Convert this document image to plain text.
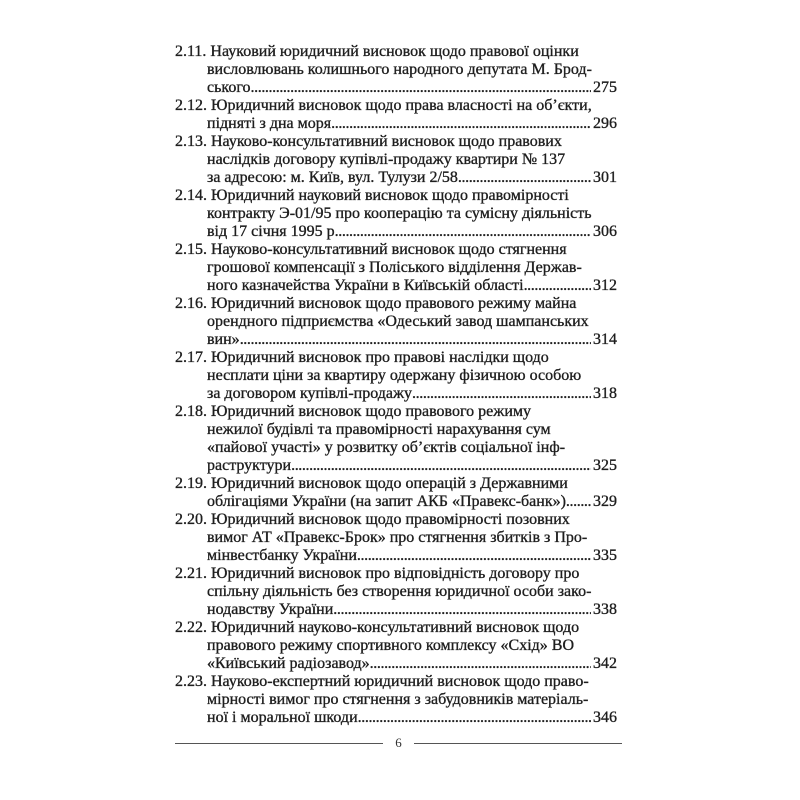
2.11. Науковий юридичний висновок щодо правової оцінки
висловлювань колишнього народного депутата М. Брод-
ського . . .	275
2.12. Юридичний висновок щодо права власності на об’єкти,
підняті з дна моря . . .	296
2.13. Науково-консультативний висновок щодо правових
наслідків договору купівлі-продажу квартири № 137
за адресою: м. Київ, вул. Тулузи 2/58 . . .	301
2.14. Юридичний науковий висновок щодо правомірності
контракту Э-01/95 про кооперацію та сумісну діяльність
від 17 січня 1995 р . . .	306
2.15. Науково-консультативний висновок щодо стягнення
грошової компенсації з Поліського відділення Держав-
ного казначейства України в Київській області . . .	312
2.16. Юридичний висновок щодо правового режиму майна
орендного підприємства «Одеський завод шампанських
вин» . . .	314
2.17. Юридичний висновок про правові наслідки щодо
несплати ціни за квартиру одержану фізичною особою
за договором купівлі-продажу . . .	318
2.18. Юридичний висновок щодо правового режиму
нежилої будівлі та правомірності нарахування сум
«пайової участі» у розвитку об’єктів соціальної інф-
раструктури . . .	325
2.19. Юридичний висновок щодо операцій з Державними
облігаціями України (на запит АКБ «Правекс-банк») . . . 329
2.20. Юридичний висновок щодо правомірності позовних
вимог АТ «Правекс-Брок» про стягнення збитків з Про-
мінвестбанку України . . .	335
2.21. Юридичний висновок про відповідність договору про
спільну діяльність без створення юридичної особи зако-
нодавству України . . .	338
2.22. Юридичний науково-консультативний висновок щодо
правового режиму спортивного комплексу «Схід» ВО
«Київський радіозавод» . . .	342
2.23. Науково-експертний юридичний висновок щодо право-
мірності вимог про стягнення з забудовників матеріаль-
ної і моральної шкоди . . .	346
6
